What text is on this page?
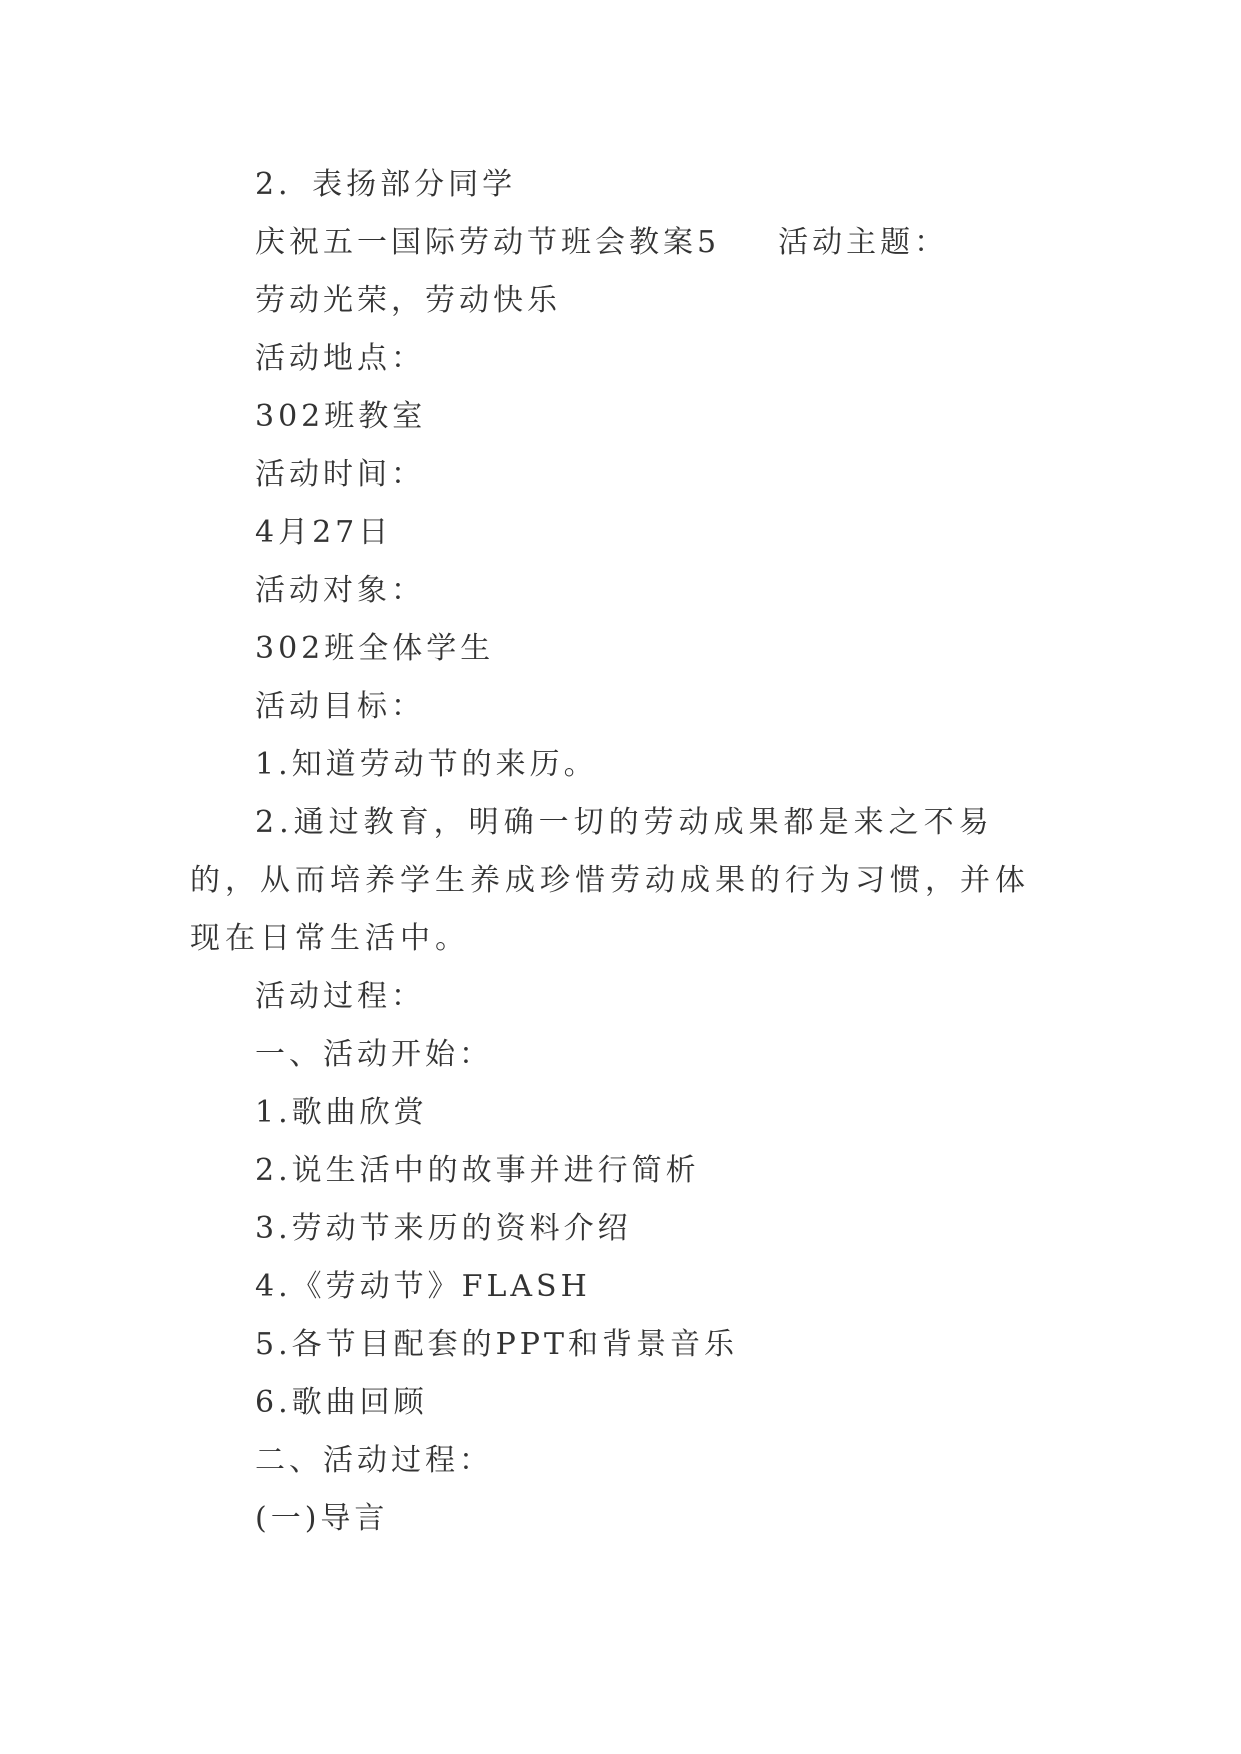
2．表扬部分同学
庆祝五一国际劳动节班会教案5 活动主题：
劳动光荣，劳动快乐
活动地点：
302班教室
活动时间：
4月27日
活动对象：
302班全体学生
活动目标：
1.知道劳动节的来历。
2.通过教育，明确一切的劳动成果都是来之不易的，从而培养学生养成珍惜劳动成果的行为习惯，并体现在日常生活中。
活动过程：
一、活动开始：
1.歌曲欣赏
2.说生活中的故事并进行简析
3.劳动节来历的资料介绍
4.《劳动节》FLASH
5.各节目配套的PPT和背景音乐
6.歌曲回顾
二、活动过程：
(一)导言
